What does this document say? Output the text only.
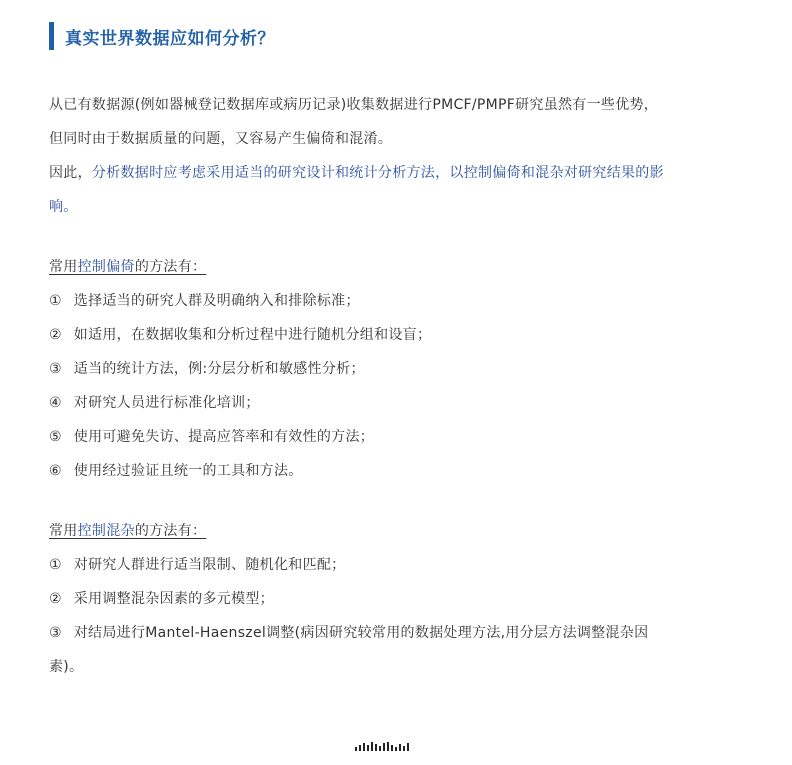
真实世界数据应如何分析？
从已有数据源(例如器械登记数据库或病历记录)收集数据进行PMCF/PMPF研究虽然有一些优势，
但同时由于数据质量的问题，又容易产生偏倚和混淆。
因此，分析数据时应考虑采用适当的研究设计和统计分析方法，以控制偏倚和混杂对研究结果的影
响。
常用控制偏倚的方法有：
① 选择适当的研究人群及明确纳入和排除标准；
② 如适用，在数据收集和分析过程中进行随机分组和设盲；
③ 适当的统计方法，例:分层分析和敏感性分析；
④ 对研究人员进行标准化培训；
⑤ 使用可避免失访、提高应答率和有效性的方法；
⑥ 使用经过验证且统一的工具和方法。
常用控制混杂的方法有：
① 对研究人群进行适当限制、随机化和匹配；
② 采用调整混杂因素的多元模型；
③ 对结局进行Mantel-Haenszel调整(病因研究较常用的数据处理方法,用分层方法调整混杂因
素)。
